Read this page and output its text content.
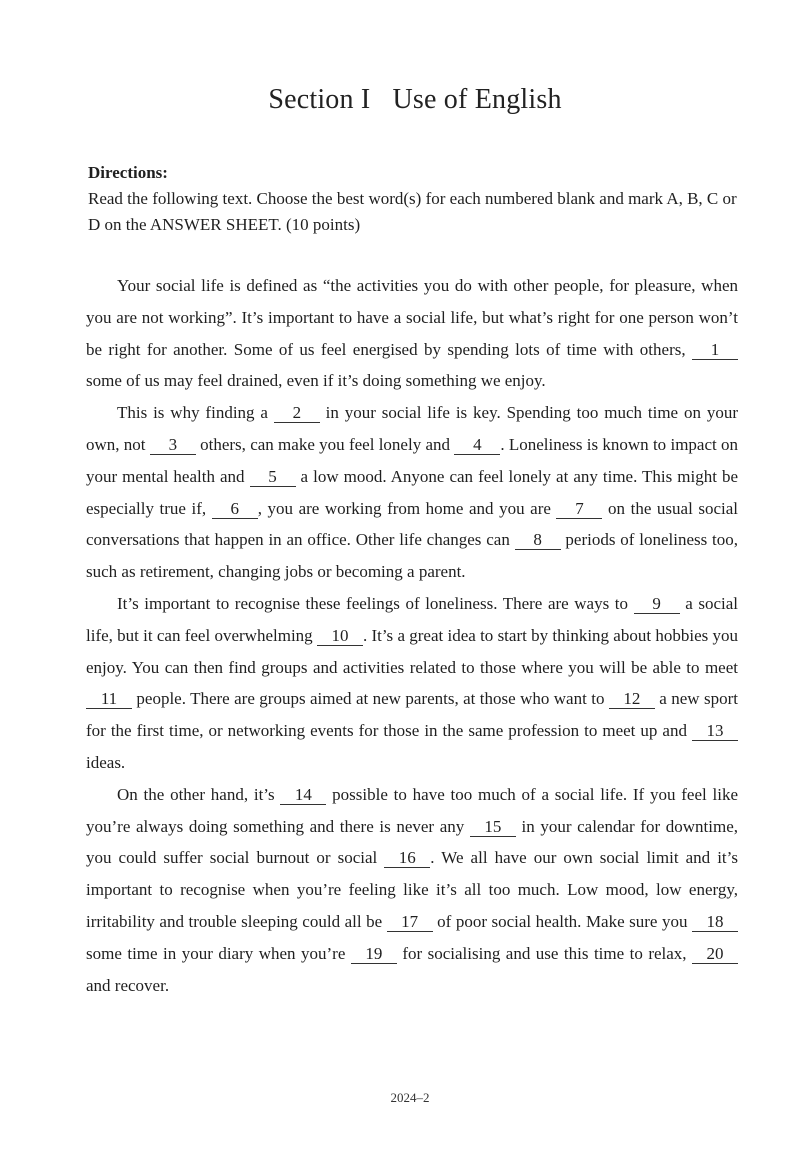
Section I Use of English

Directions:

Read the following text. Choose the best word(s) for each numbered blank and mark A, B, C or D on the ANSWER SHEET. (10 points)

Your social life is defined as “the activities you do with other people, for pleasure, when you are not working”. It’s important to have a social life, but what’s right for one person won’t be right for another. Some of us feel energised by spending lots of time with others, 1 some of us may feel drained, even if it’s doing something we enjoy.

This is why finding a 2 in your social life is key. Spending too much time on your own, not 3 others, can make you feel lonely and 4 . Loneliness is known to impact on your mental health and 5 a low mood. Anyone can feel lonely at any time. This might be especially true if, 6 , you are working from home and you are 7 on the usual social conversations that happen in an office. Other life changes can 8 periods of loneliness too, such as retirement, changing jobs or becoming a parent.

It’s important to recognise these feelings of loneliness. There are ways to 9 a social life, but it can feel overwhelming 10 . It’s a great idea to start by thinking about hobbies you enjoy. You can then find groups and activities related to those where you will be able to meet 11 people. There are groups aimed at new parents, at those who want to 12 a new sport for the first time, or networking events for those in the same profession to meet up and 13 ideas.

On the other hand, it’s 14 possible to have too much of a social life. If you feel like you’re always doing something and there is never any 15 in your calendar for downtime, you could suffer social burnout or social 16 . We all have our own social limit and it’s important to recognise when you’re feeling like it’s all too much. Low mood, low energy, irritability and trouble sleeping could all be 17 of poor social health. Make sure you 18 some time in your diary when you’re 19 for socialising and use this time to relax, 20 and recover.

2024–2
